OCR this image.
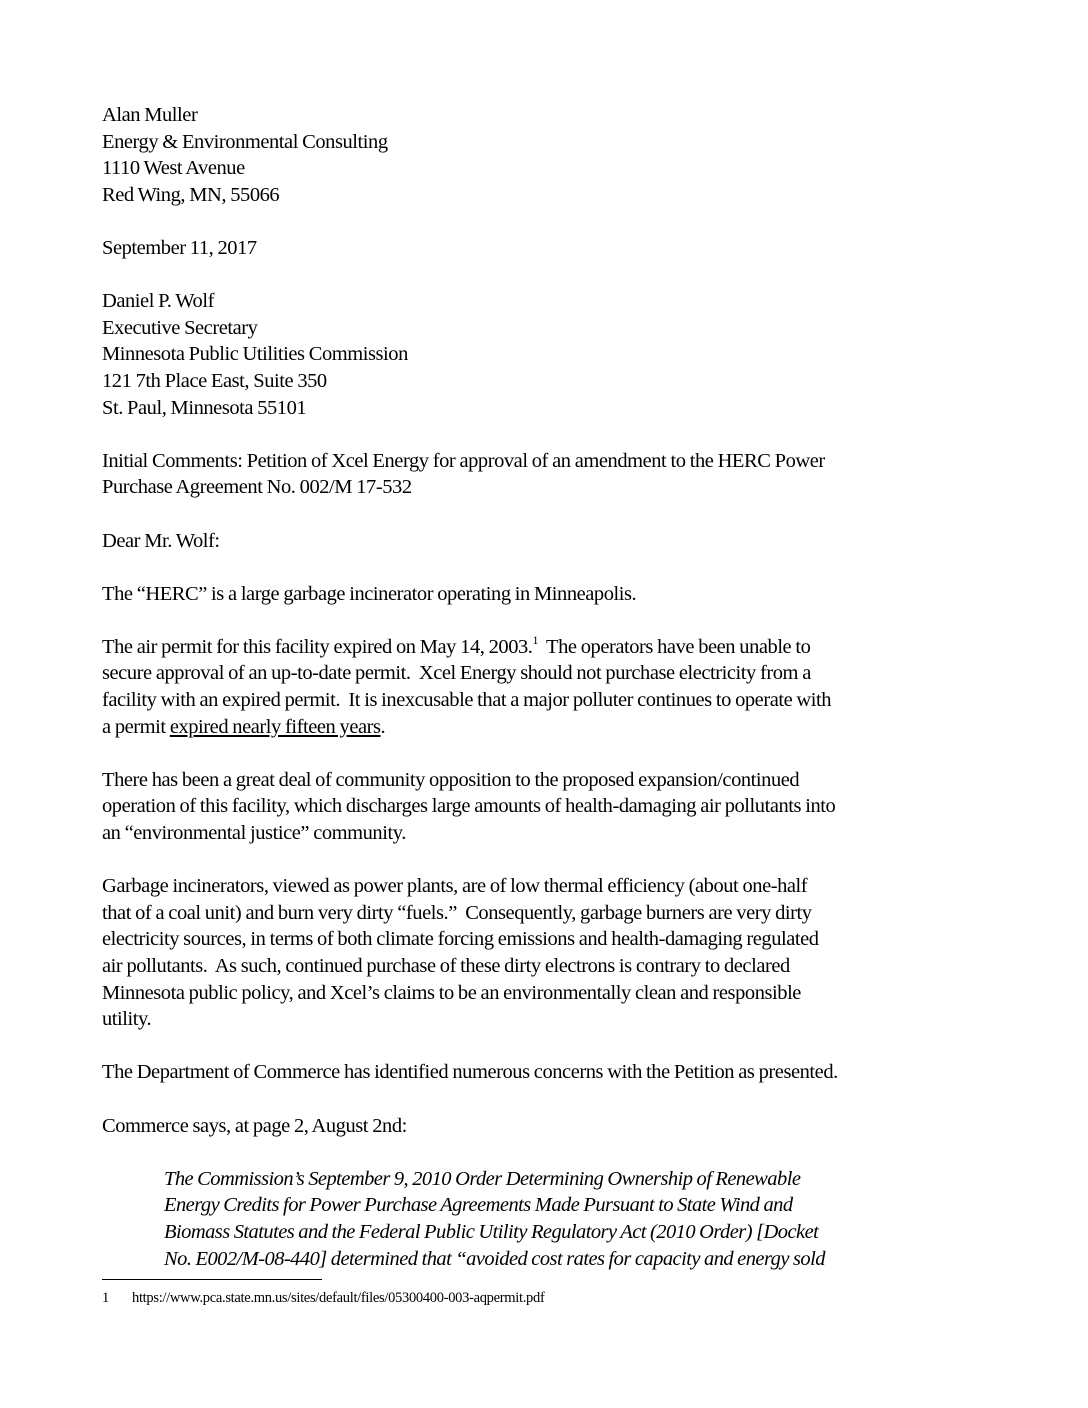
Alan Muller
Energy & Environmental Consulting
1110 West Avenue
Red Wing, MN, 55066
September 11, 2017
Daniel P. Wolf
Executive Secretary
Minnesota Public Utilities Commission
121 7th Place East, Suite 350
St. Paul, Minnesota 55101
Initial Comments: Petition of Xcel Energy for approval of an amendment to the HERC Power
Purchase Agreement No. 002/M 17-532
Dear Mr. Wolf:
The “HERC” is a large garbage incinerator operating in Minneapolis.
The air permit for this facility expired on May 14, 2003.$^1$  The operators have been unable to
secure approval of an up-to-date permit.  Xcel Energy should not purchase electricity from a
facility with an expired permit.  It is inexcusable that a major polluter continues to operate with
a permit expired nearly fifteen years.
There has been a great deal of community opposition to the proposed expansion/continued
operation of this facility, which discharges large amounts of health-damaging air pollutants into
an “environmental justice” community.
Garbage incinerators, viewed as power plants, are of low thermal efficiency (about one-half
that of a coal unit) and burn very dirty “fuels.”  Consequently, garbage burners are very dirty
electricity sources, in terms of both climate forcing emissions and health-damaging regulated
air pollutants.  As such, continued purchase of these dirty electrons is contrary to declared
Minnesota public policy, and Xcel’s claims to be an environmentally clean and responsible
utility.
The Department of Commerce has identified numerous concerns with the Petition as presented.
Commerce says, at page 2, August 2nd:
The Commission’s September 9, 2010 Order Determining Ownership of Renewable
Energy Credits for Power Purchase Agreements Made Pursuant to State Wind and
Biomass Statutes and the Federal Public Utility Regulatory Act (2010 Order) [Docket
No. E002/M-08-440] determined that “avoided cost rates for capacity and energy sold
1 https://www.pca.state.mn.us/sites/default/files/05300400-003-aqpermit.pdf
